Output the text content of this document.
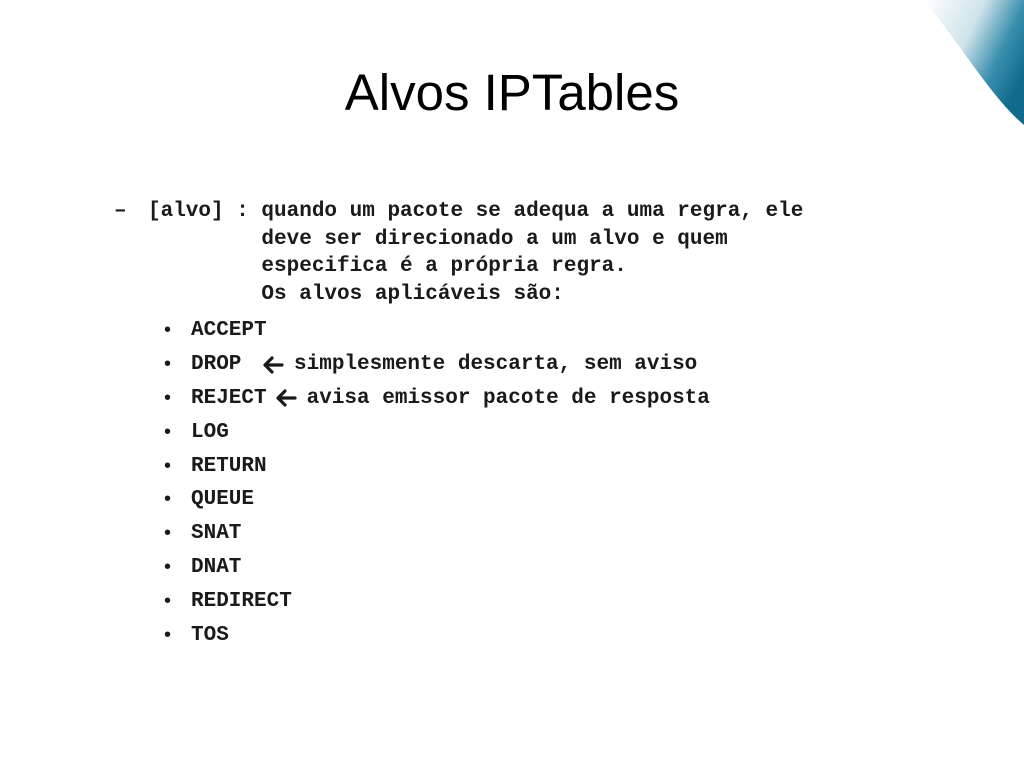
Alvos IPTables
–	[alvo] : quando um pacote se adequa a uma regra, ele
deve ser direcionado a um alvo e quem
especifica é a própria regra.
Os alvos aplicáveis são:
• ACCEPT
• DROP simplesmente descarta, sem aviso
• REJECT avisa emissor pacote de resposta
• LOG
• RETURN
• QUEUE
• SNAT
• DNAT
• REDIRECT
• TOS
